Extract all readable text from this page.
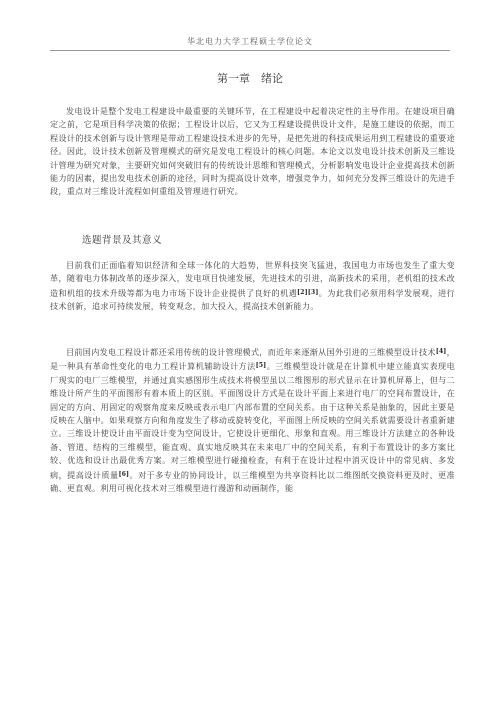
华北电力大学工程硕士学位论文
第一章　绪论
发电设计是整个发电工程建设中最重要的关键环节，在工程建设中起着决定性的主导作用。在建设项目确定之前，它是项目科学决策的依据；工程设计以后，它又为工程建设提供设计文件，是施工建设的依据，而工程设计的技术创新与设计管理是带动工程建设技术进步的先导，是把先进的科技成果运用到工程建设的重要途径。因此，设计技术创新及管理模式的研究是发电工程设计的核心问题。本论文以发电设计技术创新及三维设计管理为研究对象，主要研究如何突破旧有的传统设计思维和管理模式，分析影响发电设计企业提高技术创新能力的因素，提出发电技术创新的途径，同时为提高设计效率，增强竞争力，如何充分发挥三维设计的先进手段，重点对三维设计流程如何重组及管理进行研究。
选题背景及其意义
目前我们正面临着知识经济和全球一体化的大趋势，世界科技突飞猛进，我国电力市场也发生了重大变革，随着电力体制改革的逐步深入，发电项目快速发展，先进技术的引进，高新技术的采用，老机组的技术改造和机组的技术升级等都为电力市场下设计企业提供了良好的机遇[2][3]。为此我们必须用科学发展观，进行技术创新，追求可持续发展，转变观念，加大投入，提高技术创新能力。
目前国内发电工程设计都还采用传统的设计管理模式，而近年来逐渐从国外引进的三维模型设计技术[4]，是一种具有革命性变化的电力工程计算机辅助设计方法[5]。三维模型设计就是在计算机中建立能真实表现电厂现实的电厂三维模型，并通过真实感图形生成技术将模型虽以二维图形的形式显示在计算机屏幕上，但与二维设计所产生的平面图形有着本质上的区别。平面图设计方式是在设计平面上来进行电厂的空间布置设计，在固定的方向、用固定的观察角度来反映或表示电厂内部布置的空间关系。由于这种关系是抽象的，因此主要是反映在人脑中。如果观察方向和角度发生了移动或旋转变化，平面图上所反映的空间关系就需要设计者重新建立。三维设计使设计由平面设计变为空间设计，它使设计更细化、形象和直观。用三维设计方法建立的各种设备、管道、结构的三维模型，能直观、真实地反映其在未来电厂中的空间关系，有利于布置设计的多方案比较、优选和设计出最优秀方案。对三维模型进行碰撞检查，有利于在设计过程中消灭设计中的常见病、多发病，提高设计质量[6]。对于多专业的协同设计，以三维模型为共享资料比以二维图纸交换资料更及时、更准确、更直观。利用可视化技术对三维模型进行漫游和动画制作，能
